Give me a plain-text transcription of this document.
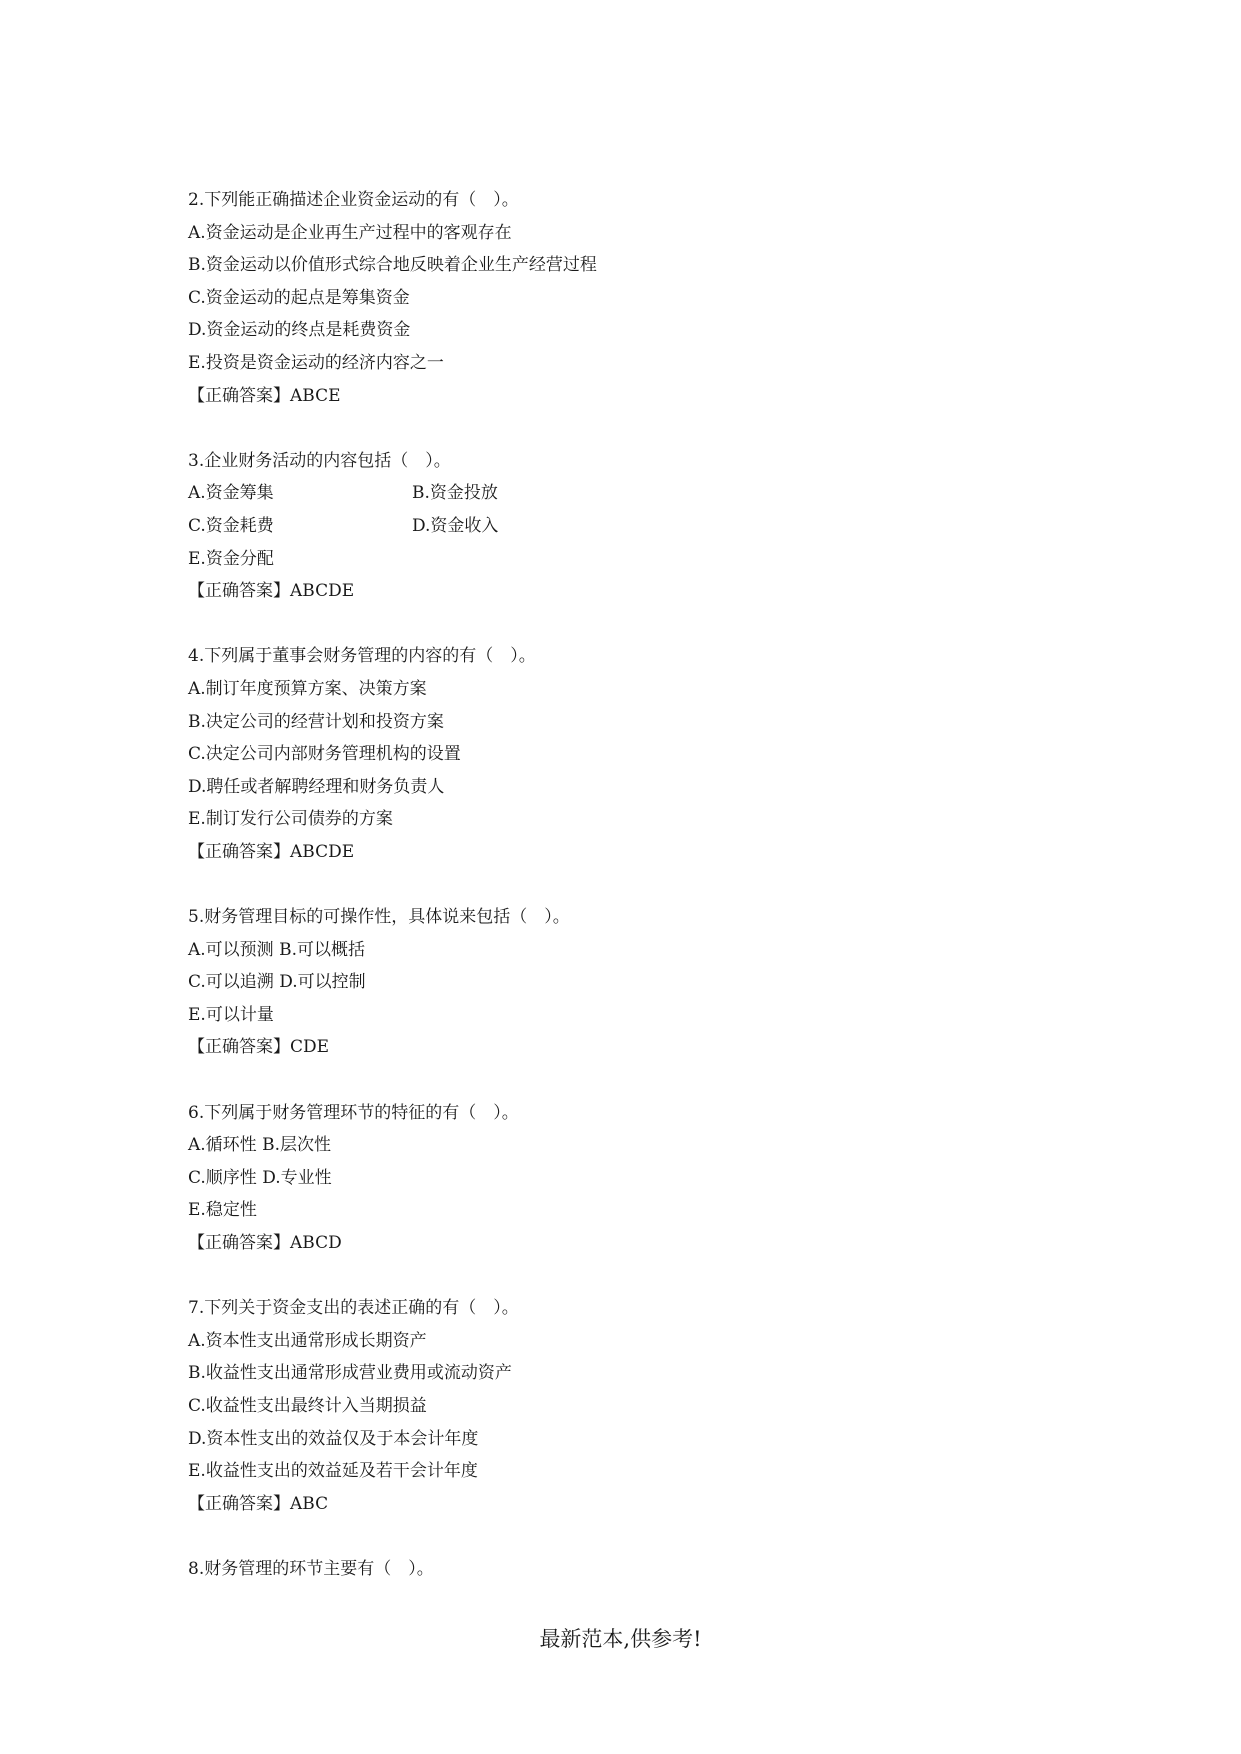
2.下列能正确描述企业资金运动的有（　）。
A.资金运动是企业再生产过程中的客观存在
B.资金运动以价值形式综合地反映着企业生产经营过程
C.资金运动的起点是筹集资金
D.资金运动的终点是耗费资金
E.投资是资金运动的经济内容之一
【正确答案】ABCE
3.企业财务活动的内容包括（　）。
A.资金筹集	B.资金投放
C.资金耗费	D.资金收入
E.资金分配
【正确答案】ABCDE
4.下列属于董事会财务管理的内容的有（　）。
A.制订年度预算方案、决策方案
B.决定公司的经营计划和投资方案
C.决定公司内部财务管理机构的设置
D.聘任或者解聘经理和财务负责人
E.制订发行公司债券的方案
【正确答案】ABCDE
5.财务管理目标的可操作性，具体说来包括（　）。
A.可以预测 B.可以概括
C.可以追溯 D.可以控制
E.可以计量
【正确答案】CDE
6.下列属于财务管理环节的特征的有（　）。
A.循环性 B.层次性
C.顺序性 D.专业性
E.稳定性
【正确答案】ABCD
7.下列关于资金支出的表述正确的有（　）。
A.资本性支出通常形成长期资产
B.收益性支出通常形成营业费用或流动资产
C.收益性支出最终计入当期损益
D.资本性支出的效益仅及于本会计年度
E.收益性支出的效益延及若干会计年度
【正确答案】ABC
8.财务管理的环节主要有（　）。
最新范本,供参考!
